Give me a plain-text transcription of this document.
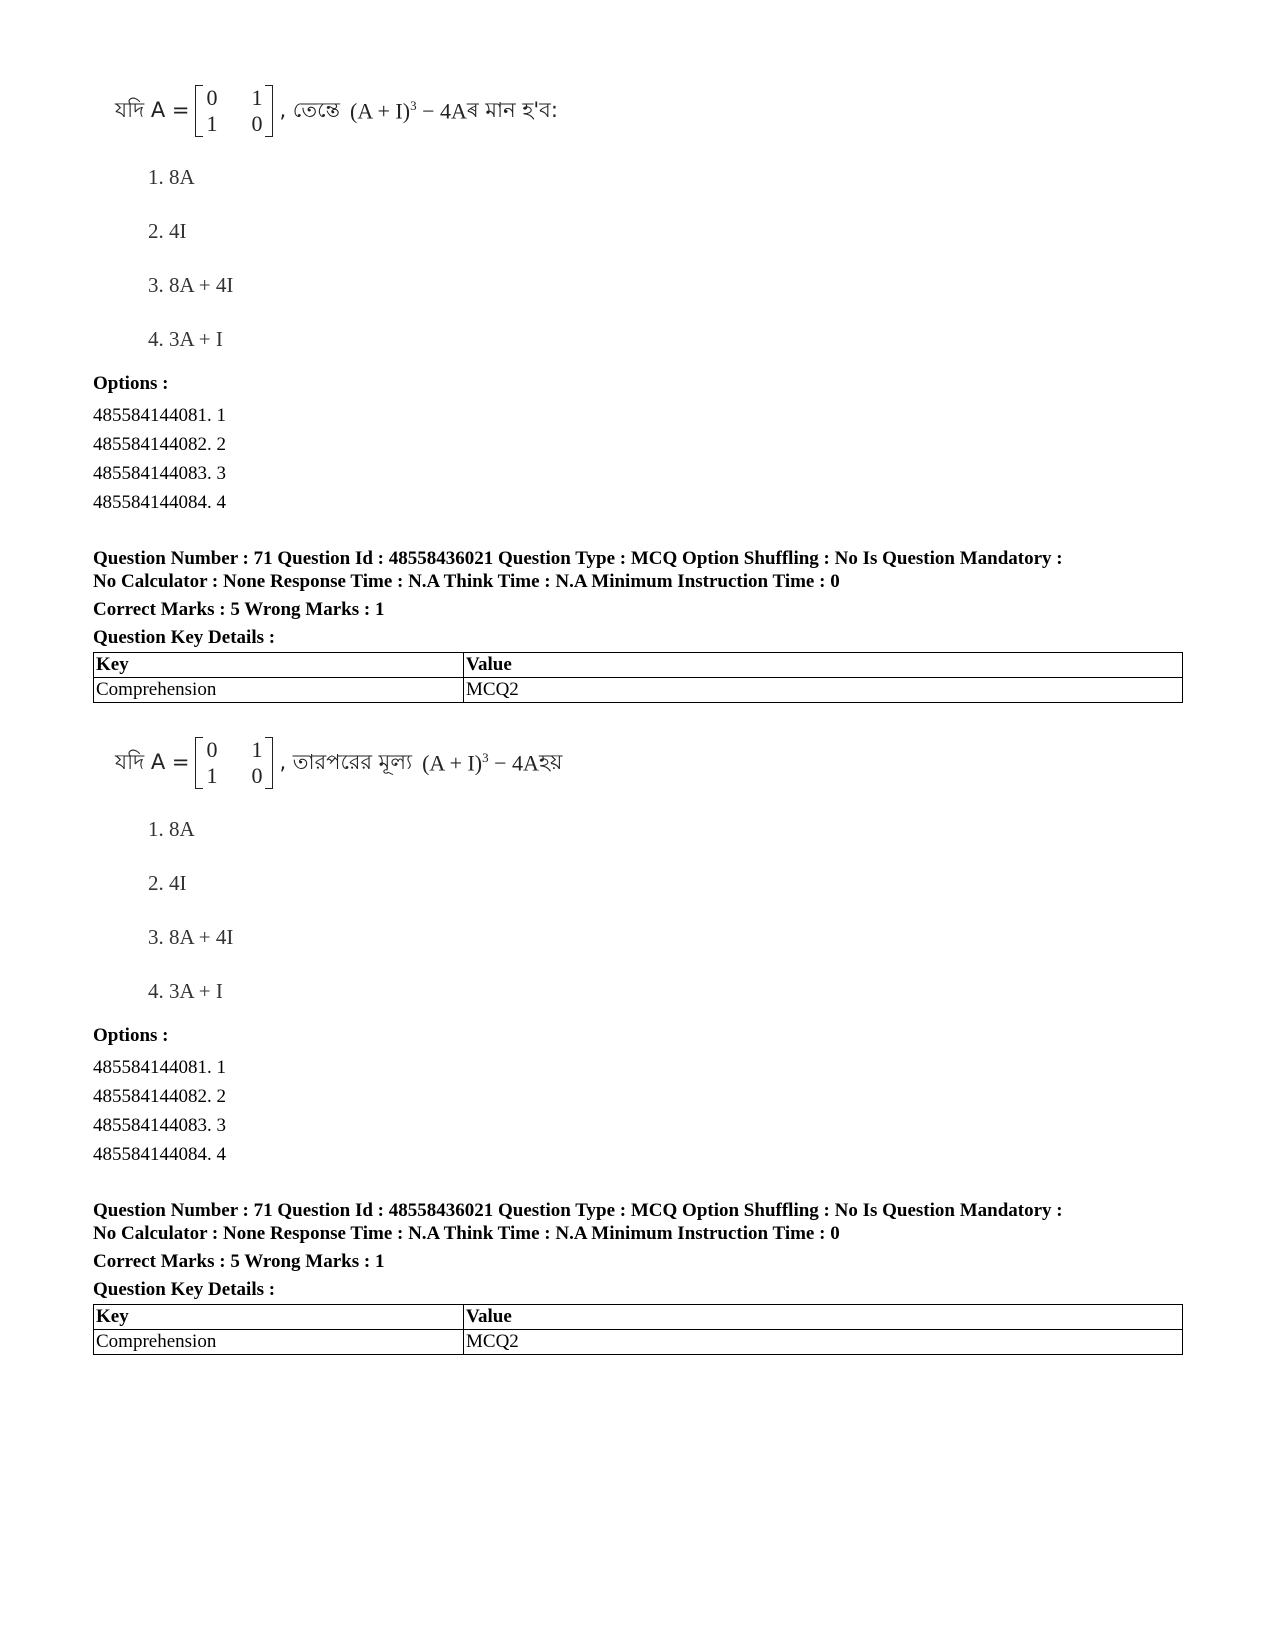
যদি A = 0	1
1	0
, তেন্তে $(A + I)^3 - 4A$ ৰ মান হ'ব:
1. 8A
2. 4I
3. 8A + 4I
4. 3A + I
Options :
485584144081. 1
485584144082. 2
485584144083. 3
485584144084. 4
Question Number : 71 Question Id : 48558436021 Question Type : MCQ Option Shuffling : No Is Question Mandatory :
No Calculator : None Response Time : N.A Think Time : N.A Minimum Instruction Time : 0
Correct Marks : 5 Wrong Marks : 1
Question Key Details :
Key	Value
Comprehension	MCQ2
যদি A = 0	1
1	0
, তারপরের মূল্য $(A + I)^3 - 4A$ হয়
1. 8A
2. 4I
3. 8A + 4I
4. 3A + I
Options :
485584144081. 1
485584144082. 2
485584144083. 3
485584144084. 4
Question Number : 71 Question Id : 48558436021 Question Type : MCQ Option Shuffling : No Is Question Mandatory :
No Calculator : None Response Time : N.A Think Time : N.A Minimum Instruction Time : 0
Correct Marks : 5 Wrong Marks : 1
Question Key Details :
Key	Value
Comprehension	MCQ2
